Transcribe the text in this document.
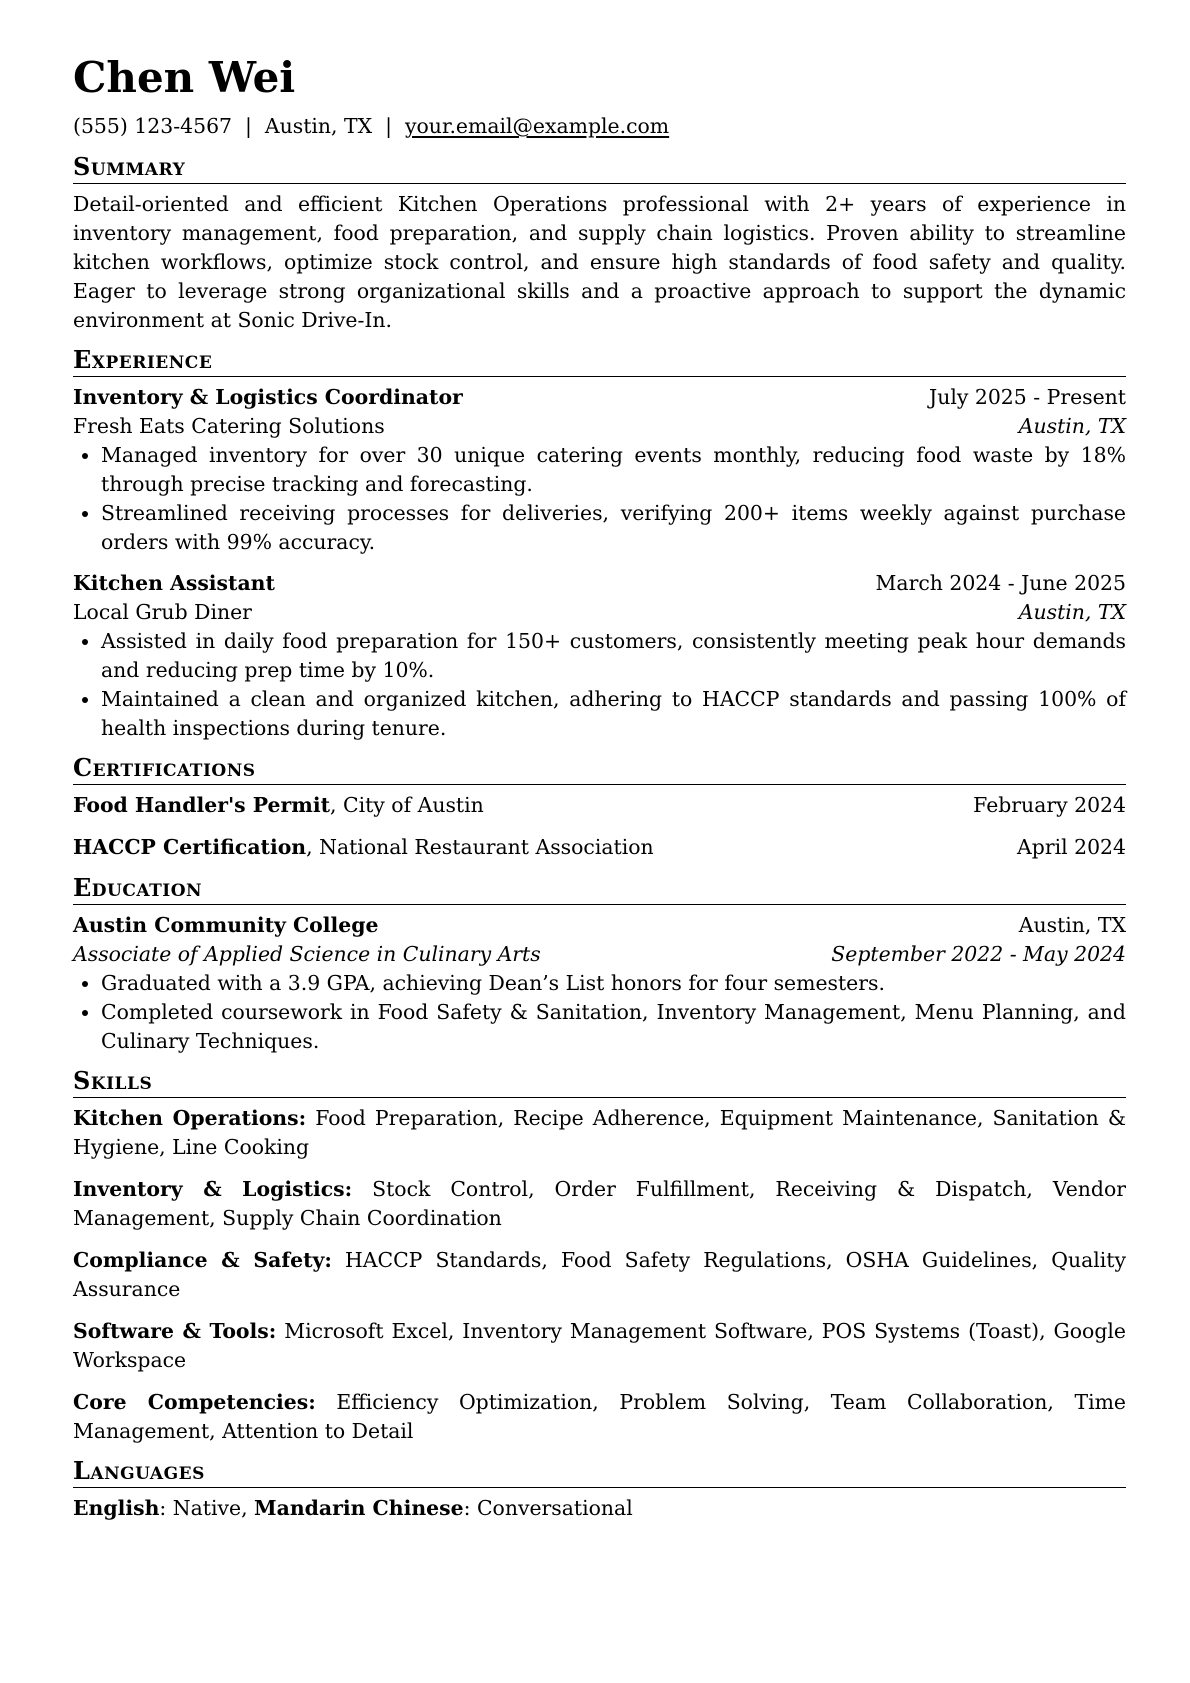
Chen Wei
(555) 123-4567 | Austin, TX | your.email@example.com
Summary
Detail-oriented and efficient Kitchen Operations professional with 2+ years of experience in inventory management, food preparation, and supply chain logistics. Proven ability to streamline kitchen workflows, optimize stock control, and ensure high standards of food safety and quality. Eager to leverage strong organizational skills and a proactive approach to support the dynamic environment at Sonic Drive-In.
Experience
Inventory & Logistics Coordinator	July 2025 - Present
Fresh Eats Catering Solutions	Austin, TX
• Managed inventory for over 30 unique catering events monthly, reducing food waste by 18% through precise tracking and forecasting.
• Streamlined receiving processes for deliveries, verifying 200+ items weekly against purchase orders with 99% accuracy.
Kitchen Assistant	March 2024 - June 2025
Local Grub Diner	Austin, TX
• Assisted in daily food preparation for 150+ customers, consistently meeting peak hour demands and reducing prep time by 10%.
• Maintained a clean and organized kitchen, adhering to HACCP standards and passing 100% of health inspections during tenure.
Certifications
Food Handler's Permit, City of Austin	February 2024
HACCP Certification, National Restaurant Association	April 2024
Education
Austin Community College	Austin, TX
Associate of Applied Science in Culinary Arts	September 2022 - May 2024
• Graduated with a 3.9 GPA, achieving Dean’s List honors for four semesters.
• Completed coursework in Food Safety & Sanitation, Inventory Management, Menu Planning, and Culinary Techniques.
Skills
Kitchen Operations: Food Preparation, Recipe Adherence, Equipment Maintenance, Sanitation & Hygiene, Line Cooking
Inventory & Logistics: Stock Control, Order Fulfillment, Receiving & Dispatch, Vendor Management, Supply Chain Coordination
Compliance & Safety: HACCP Standards, Food Safety Regulations, OSHA Guidelines, Quality Assurance
Software & Tools: Microsoft Excel, Inventory Management Software, POS Systems (Toast), Google Workspace
Core Competencies: Efficiency Optimization, Problem Solving, Team Collaboration, Time Management, Attention to Detail
Languages
English: Native, Mandarin Chinese: Conversational
